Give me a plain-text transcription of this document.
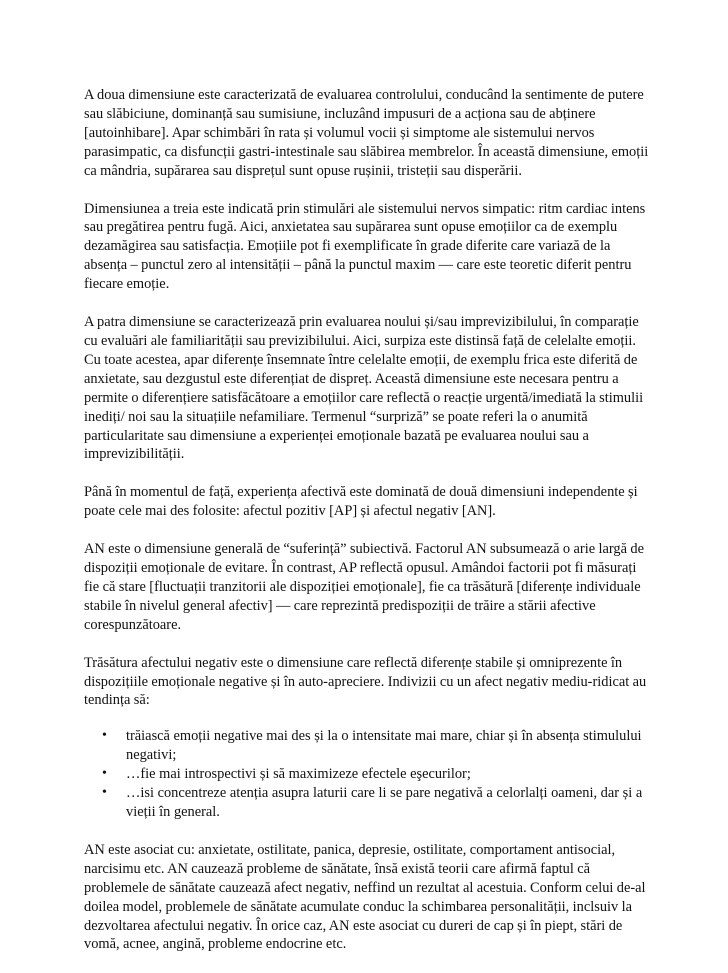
A doua dimensiune este caracterizată de evaluarea controlului, conducând la sentimente de putere sau slăbiciune, dominanță sau sumisiune, incluzând impusuri de a acționa sau de abținere [autoinhibare]. Apar schimbări în rata și volumul vocii și simptome ale sistemului nervos parasimpatic, ca disfuncții gastri-intestinale sau slăbirea membrelor. În această dimensiune, emoții ca mândria, supărarea sau disprețul sunt opuse rușinii, tristeții sau disperării.

Dimensiunea a treia este indicată prin stimulări ale sistemului nervos simpatic: ritm cardiac intens sau pregătirea pentru fugă. Aici, anxietatea sau supărarea sunt opuse emoțiilor ca de exemplu dezamăgirea sau satisfacția. Emoțiile pot fi exemplificate în grade diferite care variază de la absența – punctul zero al intensității – până la punctul maxim — care este teoretic diferit pentru fiecare emoție.

A patra dimensiune se caracterizează prin evaluarea noului și/sau imprevizibilului, în comparație cu evaluări ale familiarității sau previzibilului. Aici, surpiza este distinsă față de celelalte emoții. Cu toate acestea, apar diferențe însemnate între celelalte emoții, de exemplu frica este diferită de anxietate, sau dezgustul este diferențiat de dispreț. Această dimensiune este necesara pentru a permite o diferențiere satisfăcătoare a emoțiilor care reflectă o reacție urgentă/imediată la stimulii inediți/ noi sau la situațiile nefamiliare. Termenul “surpriză” se poate referi la o anumită particularitate sau dimensiune a experienței emoționale bazată pe evaluarea noului sau a imprevizibilității.

Până în momentul de față, experiența afectivă este dominată de două dimensiuni independente și poate cele mai des folosite: afectul pozitiv [AP] și afectul negativ [AN].

AN este o dimensiune generală de “suferință” subiectivă. Factorul AN subsumează o arie largă de dispoziții emoționale de evitare. În contrast, AP reflectă opusul. Amândoi factorii pot fi măsurați fie că stare [fluctuații tranzitorii ale dispoziției emoționale], fie ca trăsătură [diferențe individuale stabile în nivelul general afectiv] — care reprezintă predispoziții de trăire a stării afective corespunzătoare.

Trăsătura afectului negativ este o dimensiune care reflectă diferențe stabile și omniprezente în dispozițiile emoționale negative și în auto-apreciere. Indivizii cu un afect negativ mediu-ridicat au tendința să:

• trăiască emoții negative mai des și la o intensitate mai mare, chiar și în absența stimulului negativi;
• …fie mai introspectivi și să maximizeze efectele eşecurilor;
• …isi concentreze atenția asupra laturii care li se pare negativă a celorlalți oameni, dar și a vieții în general.

AN este asociat cu: anxietate, ostilitate, panica, depresie, ostilitate, comportament antisocial, narcisimu etc. AN cauzează probleme de sănătate, însă există teorii care afirmă faptul că problemele de sănătate cauzează afect negativ, neffind un rezultat al acestuia. Conform celui de-al doilea model, problemele de sănătate acumulate conduc la schimbarea personalității, inclsuiv la dezvoltarea afectului negativ. În orice caz, AN este asociat cu dureri de cap și în piept, stări de vomă, acnee, angină, probleme endocrine etc.
